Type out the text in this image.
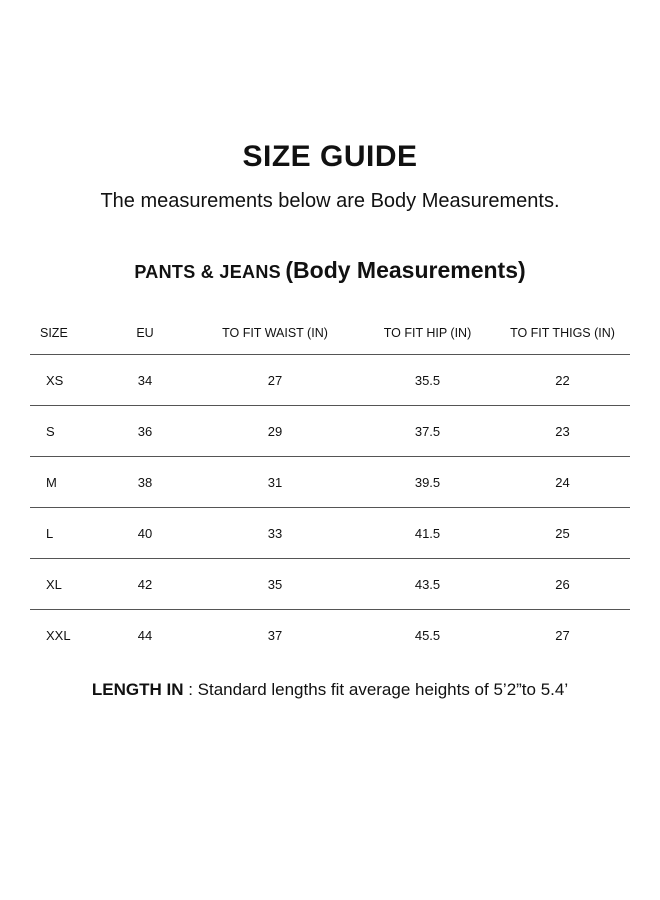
SIZE GUIDE
The measurements below are Body Measurements.
PANTS & JEANS (Body Measurements)
SIZE	EU	TO FIT WAIST (IN)	TO FIT HIP (IN)	TO FIT THIGS (IN)
XS	34	27	35.5	22
S	36	29	37.5	23
M	38	31	39.5	24
L	40	33	41.5	25
XL	42	35	43.5	26
XXL	44	37	45.5	27
LENGTH IN : Standard lengths fit average heights of 5’2”to 5.4’
